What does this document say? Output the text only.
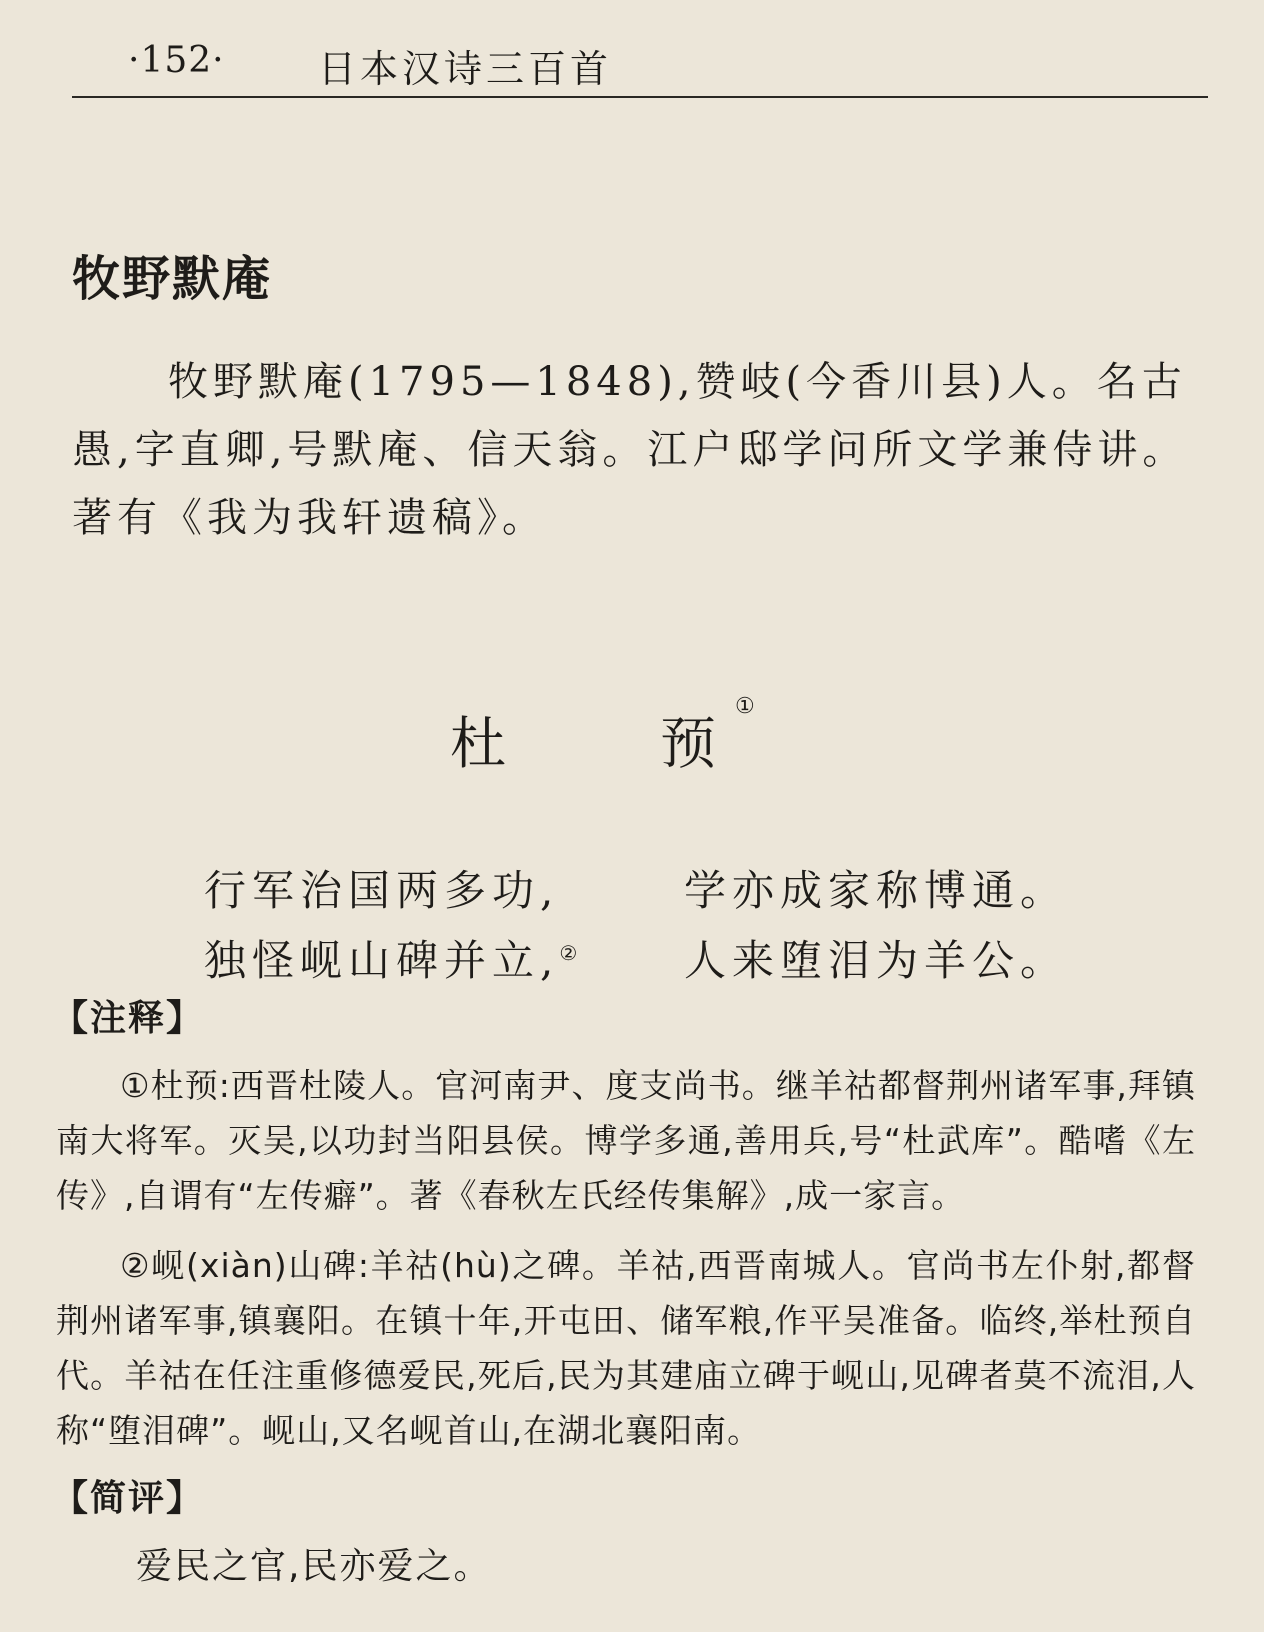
·152· 日本汉诗三百首
牧野默庵

牧野默庵(1795—1848),赞岐(今香川县)人。名古愚,字直卿,号默庵、信天翁。江户邸学问所文学兼侍讲。著有《我为我轩遗稿》。

杜	预
①
行军治国两多功,	学亦成家称博通。
独怪岘山碑并立,②	人来堕泪为羊公。
【注释】

①杜预:西晋杜陵人。官河南尹、度支尚书。继羊祜都督荆州诸军事,拜镇南大将军。灭吴,以功封当阳县侯。博学多通,善用兵,号“杜武库”。酷嗜《左传》,自谓有“左传癖”。著《春秋左氏经传集解》,成一家言。

②岘(xiàn)山碑:羊祜(hù)之碑。羊祜,西晋南城人。官尚书左仆射,都督荆州诸军事,镇襄阳。在镇十年,开屯田、储军粮,作平吴准备。临终,举杜预自代。羊祜在任注重修德爱民,死后,民为其建庙立碑于岘山,见碑者莫不流泪,人称“堕泪碑”。岘山,又名岘首山,在湖北襄阳南。

【简评】
爱民之官,民亦爱之。
